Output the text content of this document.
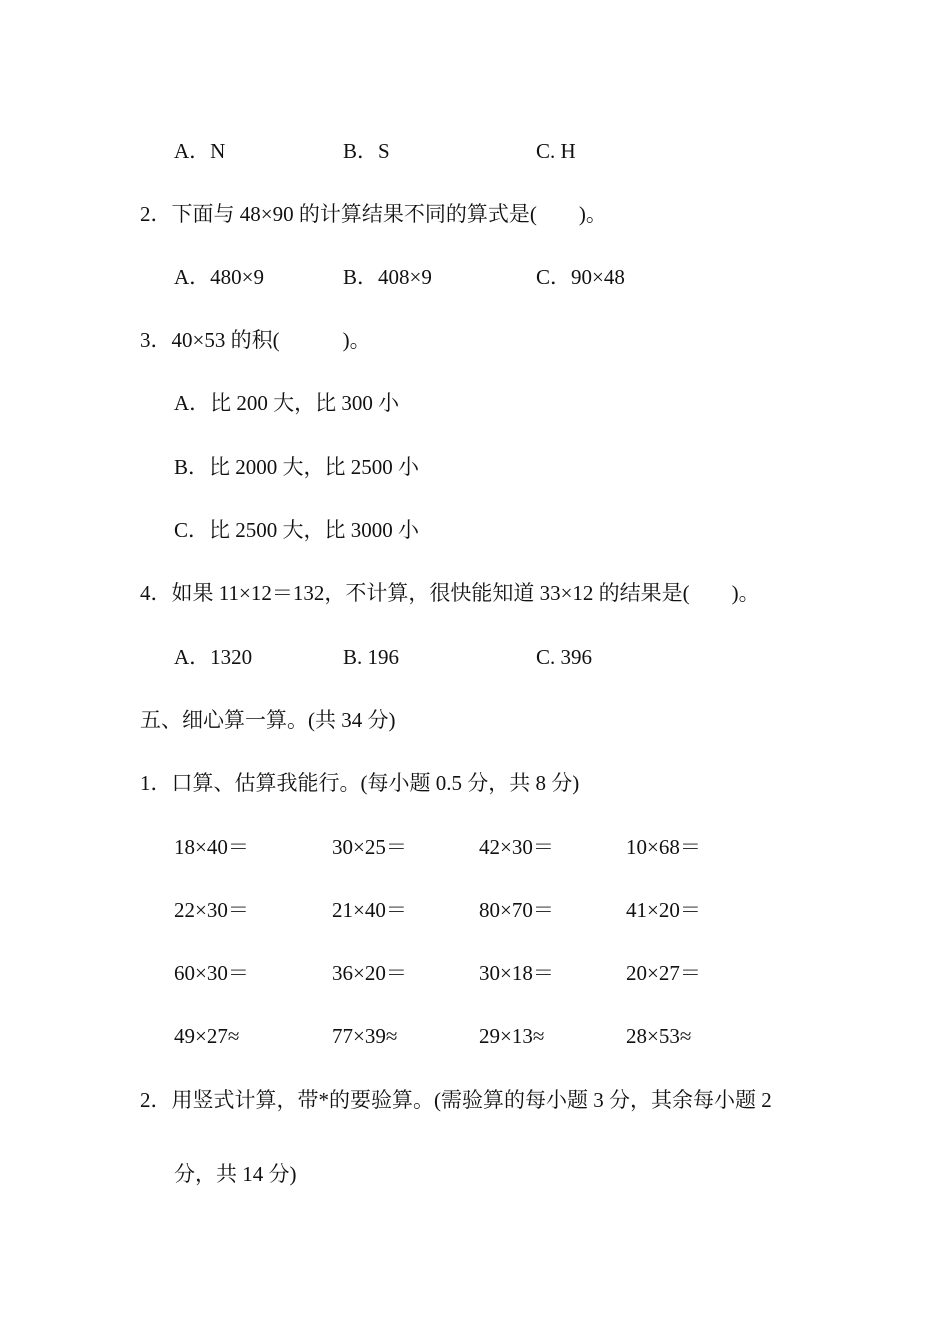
A．N	B．S	C. H
2．下面与 48×90 的计算结果不同的算式是(　　)。
A．480×9	B．408×9	C．90×48
3．40×53 的积(　　　)。
A．比 200 大，比 300 小
B．比 2000 大，比 2500 小
C．比 2500 大，比 3000 小
4．如果 11×12＝132，不计算，很快能知道 33×12 的结果是(　　)。
A．1320	B. 196	C. 396
五、细心算一算。(共 34 分)
1．口算、估算我能行。(每小题 0.5 分，共 8 分)
18×40＝	30×25＝	42×30＝	10×68＝
22×30＝	21×40＝	80×70＝	41×20＝
60×30＝	36×20＝	30×18＝	20×27＝
49×27≈	77×39≈	29×13≈	28×53≈
2．用竖式计算，带*的要验算。(需验算的每小题 3 分，其余每小题 2
分，共 14 分)
